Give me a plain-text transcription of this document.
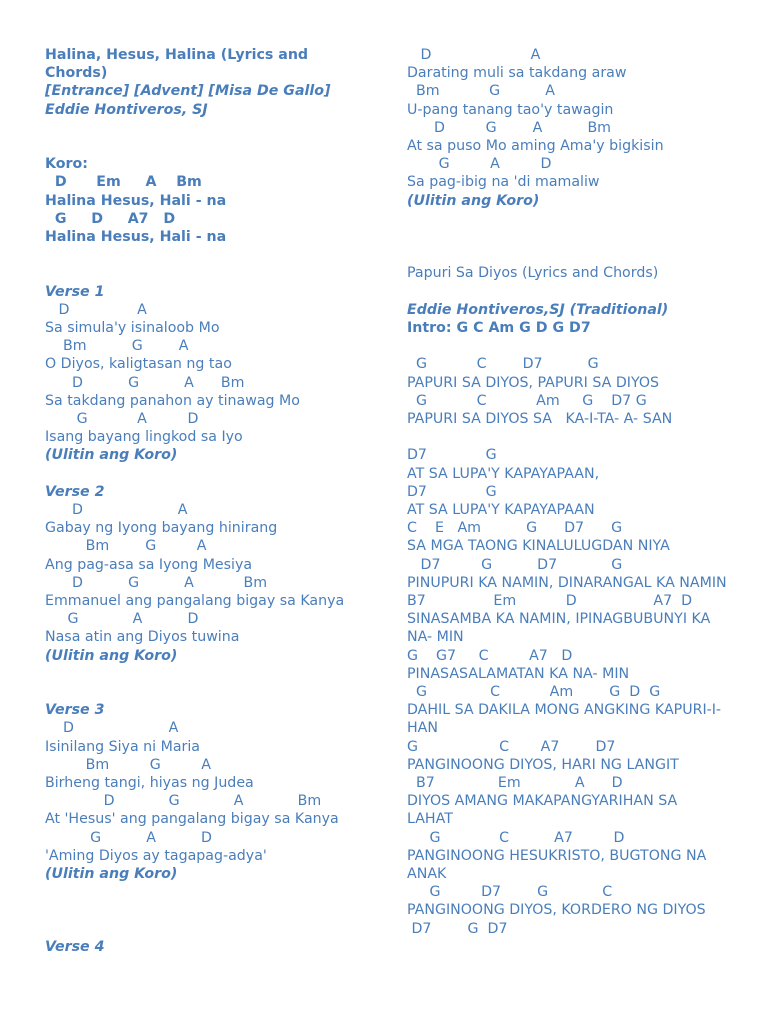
Halina, Hesus, Halina (Lyrics and Chords)
[Entrance] [Advent] [Misa De Gallo]
Eddie Hontiveros, SJ
Koro:
D      Em     A    Bm
Halina Hesus, Hali - na
G     D     A7   D
Halina Hesus, Hali - na
Verse 1
D               A
Sa simula'y isinaloob Mo
Bm          G        A
O Diyos, kaligtasan ng tao
D          G          A      Bm
Sa takdang panahon ay tinawag Mo
G           A         D
Isang bayang lingkod sa Iyo
(Ulitin ang Koro)
Verse 2
D                     A
Gabay ng Iyong bayang hinirang
Bm        G         A
Ang pag-asa sa Iyong Mesiya
D          G          A           Bm
Emmanuel ang pangalang bigay sa Kanya
G            A          D
Nasa atin ang Diyos tuwina
(Ulitin ang Koro)
Verse 3
D                     A
Isinilang Siya ni Maria
Bm         G         A
Birheng tangi, hiyas ng Judea
D            G            A            Bm
At 'Hesus' ang pangalang bigay sa Kanya
G          A          D
'Aming Diyos ay tagapag-adya'
(Ulitin ang Koro)
Verse 4
D                      A
Darating muli sa takdang araw
Bm           G          A
U-pang tanang tao'y tawagin
D         G        A          Bm
At sa puso Mo aming Ama'y bigkisin
G         A         D
Sa pag-ibig na 'di mamaliw
(Ulitin ang Koro)
Papuri Sa Diyos (Lyrics and Chords)
Eddie Hontiveros,SJ (Traditional)
Intro: G C Am G D G D7
G           C        D7          G
PAPURI SA DIYOS, PAPURI SA DIYOS
G           C           Am     G    D7 G
PAPURI SA DIYOS SA   KA-I-TA- A- SAN
D7             G
AT SA LUPA'Y KAPAYAPAAN,
D7             G
AT SA LUPA'Y KAPAYAPAAN
C    E   Am          G      D7      G
SA MGA TAONG KINALULUGDAN NIYA
D7         G          D7            G
PINUPURI KA NAMIN, DINARANGAL KA NAMIN
B7               Em           D                 A7  D
SINASAMBA KA NAMIN, IPINAGBUBUNYI KA NA- MIN
G    G7     C         A7   D
PINASASALAMATAN KA NA- MIN
G              C           Am        G  D  G
DAHIL SA DAKILA MONG ANGKING KAPURI-I- HAN
G                  C       A7        D7
PANGINOONG DIYOS, HARI NG LANGIT
B7              Em            A      D
DIYOS AMANG MAKAPANGYARIHAN SA LAHAT
G             C          A7         D
PANGINOONG HESUKRISTO, BUGTONG NA ANAK
G         D7        G            C
PANGINOONG DIYOS, KORDERO NG DIYOS
D7        G  D7
